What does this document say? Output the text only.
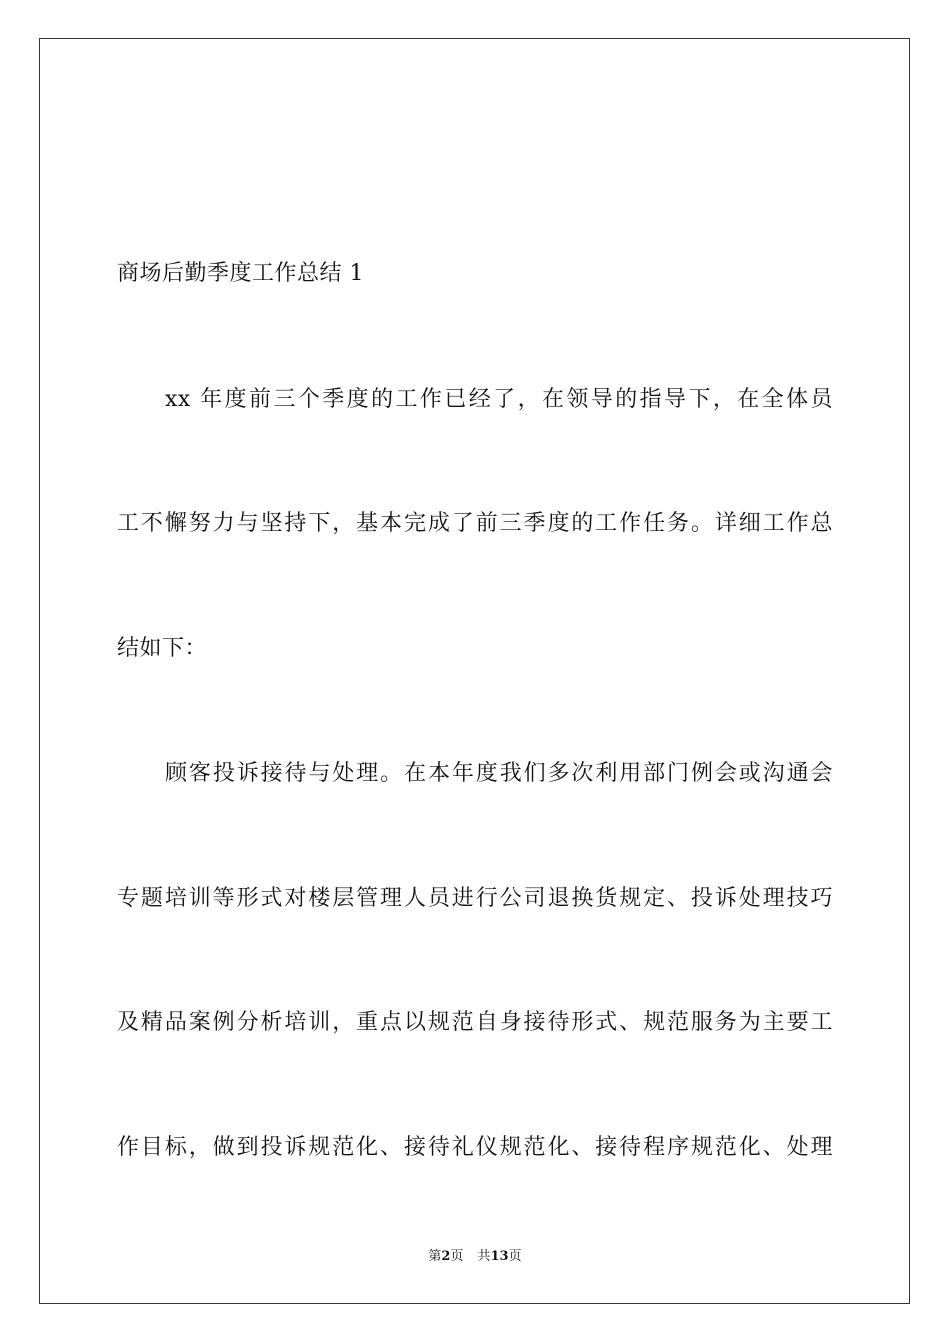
商场后勤季度工作总结 1
xx 年度前三个季度的工作已经了，在领导的指导下，在全体员
工不懈努力与坚持下，基本完成了前三季度的工作任务。详细工作总
结如下：
顾客投诉接待与处理。在本年度我们多次利用部门例会或沟通会
专题培训等形式对楼层管理人员进行公司退换货规定、投诉处理技巧
及精品案例分析培训，重点以规范自身接待形式、规范服务为主要工
作目标，做到投诉规范化、接待礼仪规范化、接待程序规范化、处理
第2页 共13页
